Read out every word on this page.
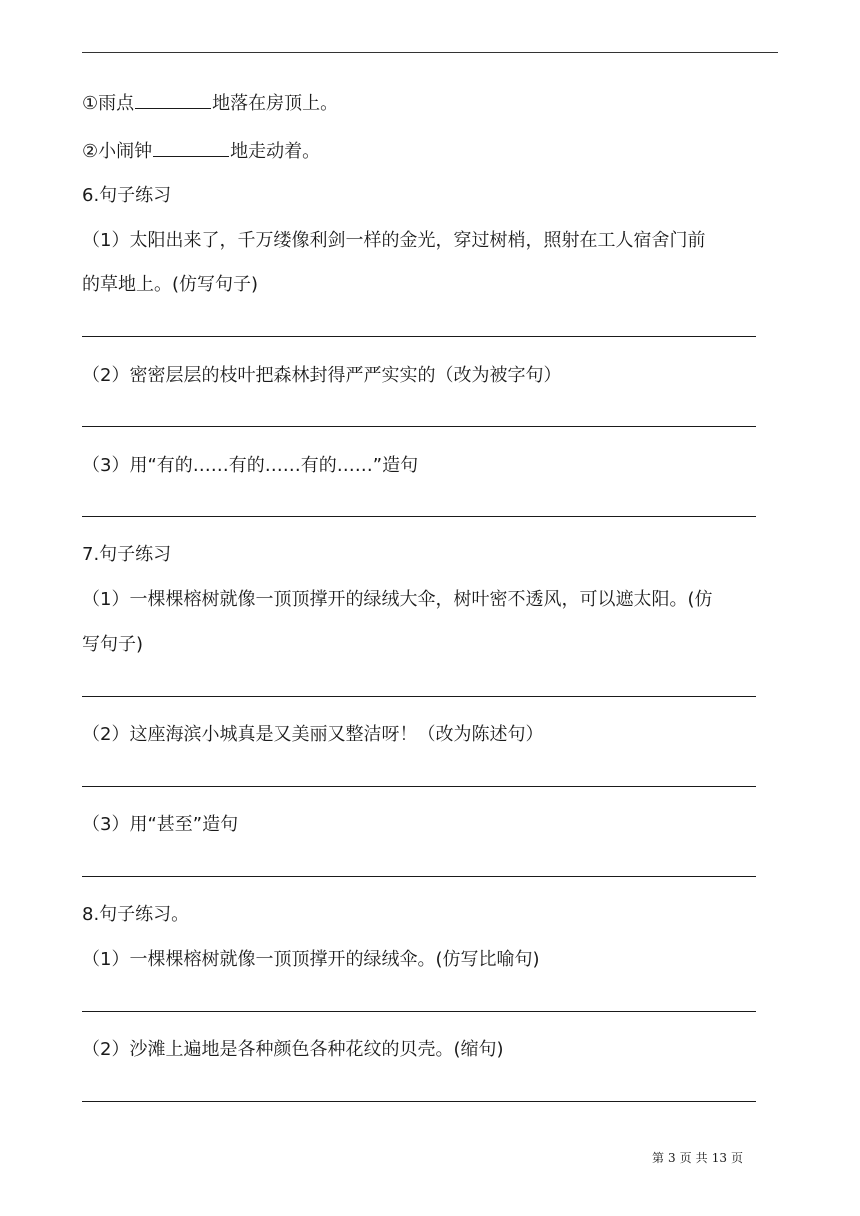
①雨点	地落在房顶上。
②小闹钟	地走动着。
6.句子练习
（1）太阳出来了，千万缕像利剑一样的金光，穿过树梢，照射在工人宿舍门前
的草地上。(仿写句子)
（2）密密层层的枝叶把森林封得严严实实的（改为被字句）
（3）用“有的……有的……有的……”造句
7.句子练习
（1）一棵棵榕树就像一顶顶撑开的绿绒大伞，树叶密不透风，可以遮太阳。(仿
写句子)
（2）这座海滨小城真是又美丽又整洁呀！（改为陈述句）
（3）用“甚至”造句
8.句子练习。
（1）一棵棵榕树就像一顶顶撑开的绿绒伞。(仿写比喻句)
（2）沙滩上遍地是各种颜色各种花纹的贝壳。(缩句)
第 3 页 共 13 页
